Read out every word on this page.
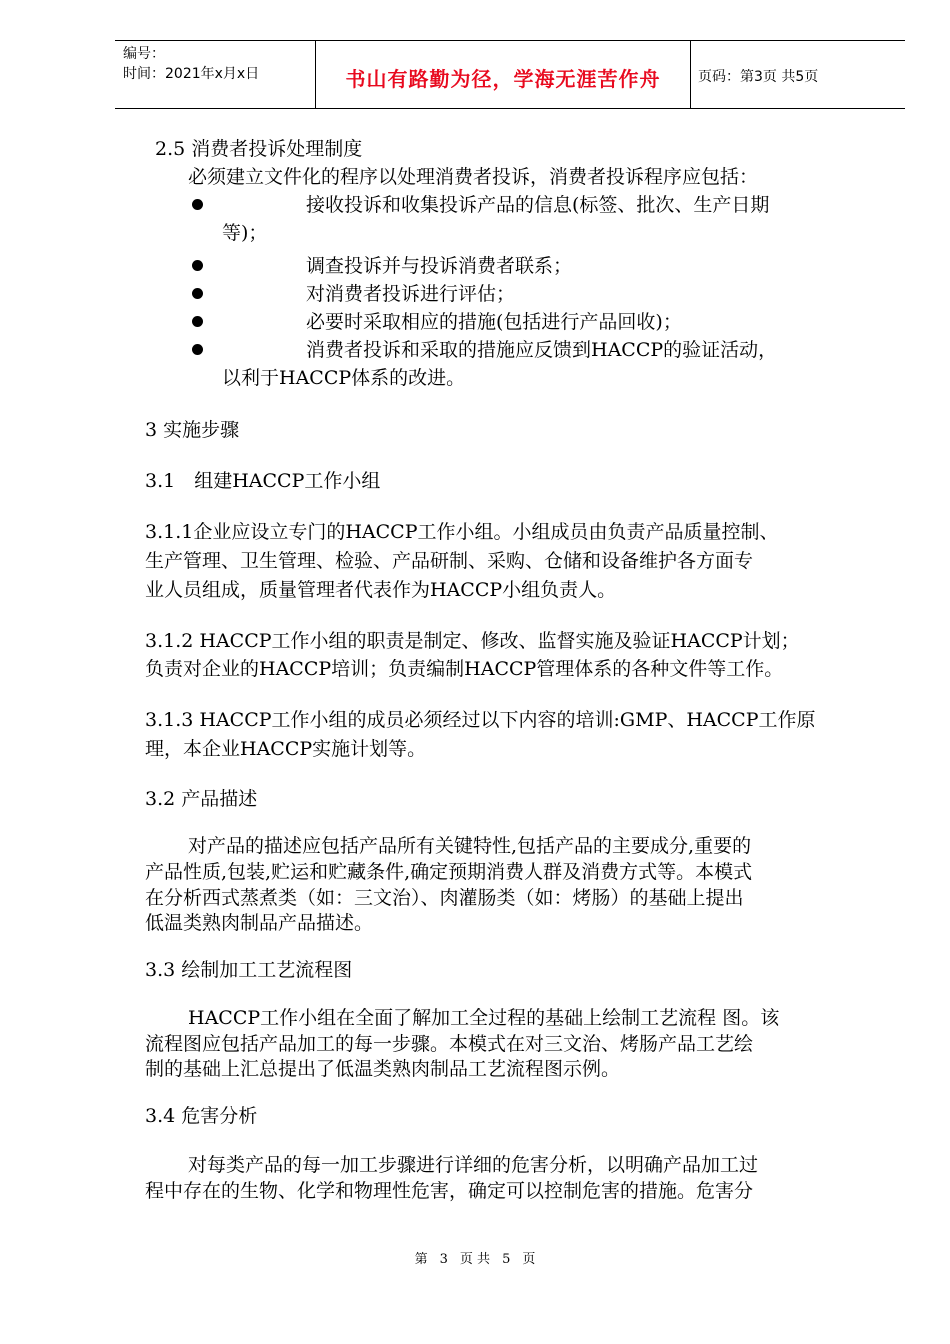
编号：
时间：2021年x月x日	书山有路勤为径，学海无涯苦作舟	页码：第3页 共5页
2.5 消费者投诉处理制度
必须建立文件化的程序以处理消费者投诉，消费者投诉程序应包括：
接收投诉和收集投诉产品的信息(标签、批次、生产日期
等)；
调查投诉并与投诉消费者联系；
对消费者投诉进行评估；
必要时采取相应的措施(包括进行产品回收)；
消费者投诉和采取的措施应反馈到HACCP的验证活动，
以利于HACCP体系的改进。
3 实施步骤
3.1　组建HACCP工作小组
3.1.1企业应设立专门的HACCP工作小组。小组成员由负责产品质量控制、
生产管理、卫生管理、检验、产品研制、采购、仓储和设备维护各方面专
业人员组成，质量管理者代表作为HACCP小组负责人。
3.1.2 HACCP工作小组的职责是制定、修改、监督实施及验证HACCP计划；
负责对企业的HACCP培训；负责编制HACCP管理体系的各种文件等工作。
3.1.3 HACCP工作小组的成员必须经过以下内容的培训:GMP、HACCP工作原
理，本企业HACCP实施计划等。
3.2 产品描述
对产品的描述应包括产品所有关键特性,包括产品的主要成分,重要的
产品性质,包装,贮运和贮藏条件,确定预期消费人群及消费方式等。本模式
在分析西式蒸煮类（如：三文治）、肉灌肠类（如：烤肠）的基础上提出
低温类熟肉制品产品描述。
3.3 绘制加工工艺流程图
HACCP工作小组在全面了解加工全过程的基础上绘制工艺流程 图。该
流程图应包括产品加工的每一步骤。本模式在对三文治、烤肠产品工艺绘
制的基础上汇总提出了低温类熟肉制品工艺流程图示例。
3.4 危害分析
对每类产品的每一加工步骤进行详细的危害分析，以明确产品加工过
程中存在的生物、化学和物理性危害，确定可以控制危害的措施。危害分
第 3 页 共 5 页
